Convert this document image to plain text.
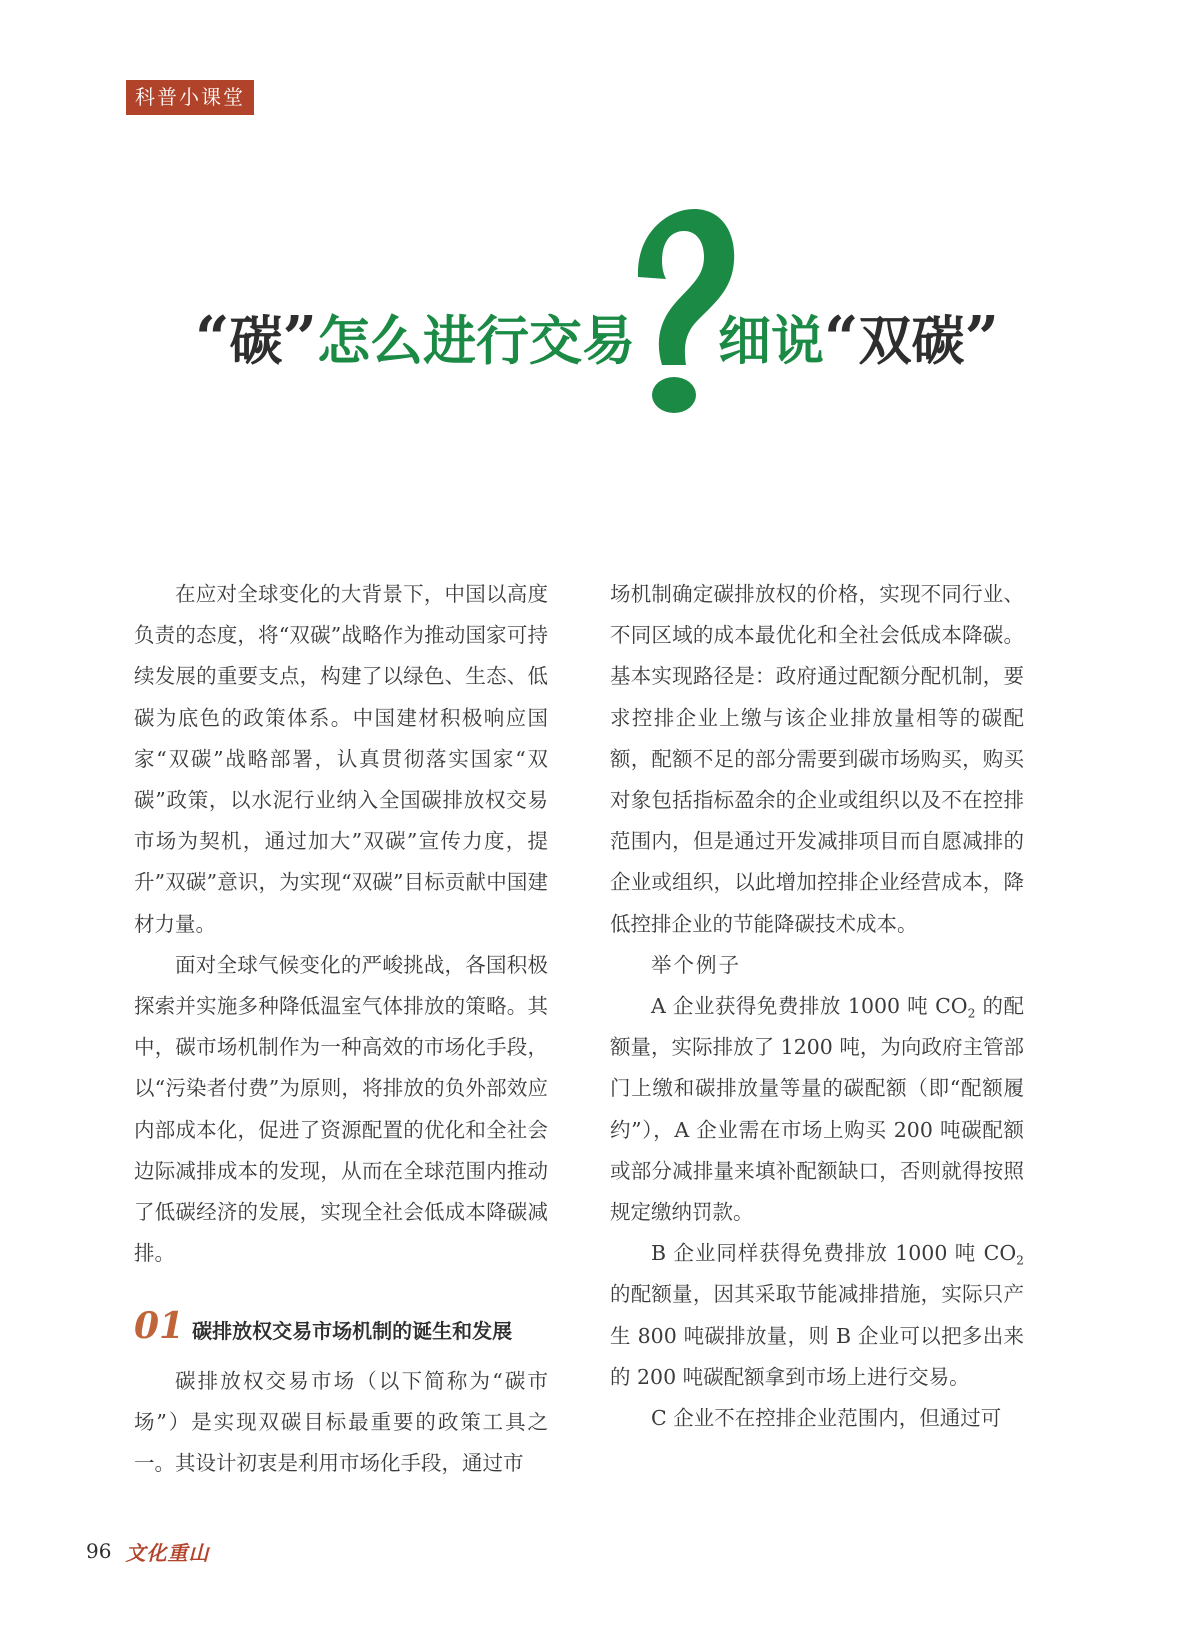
科普小课堂
“碳”怎么进行交易 细说“双碳”

在应对全球变化的大背景下，中国以高度负责的态度，将“双碳”战略作为推动国家可持续发展的重要支点，构建了以绿色、生态、低碳为底色的政策体系。中国建材积极响应国家“双碳”战略部署，认真贯彻落实国家“双碳”政策，以水泥行业纳入全国碳排放权交易市场为契机，通过加大”双碳”宣传力度，提升”双碳”意识，为实现“双碳”目标贡献中国建材力量。

面对全球气候变化的严峻挑战，各国积极探索并实施多种降低温室气体排放的策略。其中，碳市场机制作为一种高效的市场化手段，以“污染者付费”为原则，将排放的负外部效应内部成本化，促进了资源配置的优化和全社会边际减排成本的发现，从而在全球范围内推动了低碳经济的发展，实现全社会低成本降碳减排。

01 碳排放权交易市场机制的诞生和发展

碳排放权交易市场（以下简称为“碳市场”）是实现双碳目标最重要的政策工具之一。其设计初衷是利用市场化手段，通过市

场机制确定碳排放权的价格，实现不同行业、不同区域的成本最优化和全社会低成本降碳。基本实现路径是：政府通过配额分配机制，要求控排企业上缴与该企业排放量相等的碳配额，配额不足的部分需要到碳市场购买，购买对象包括指标盈余的企业或组织以及不在控排范围内，但是通过开发减排项目而自愿减排的企业或组织，以此增加控排企业经营成本，降低控排企业的节能降碳技术成本。

举个例子

A 企业获得免费排放 1000 吨 $CO_2$ 的配额量，实际排放了 1200 吨，为向政府主管部门上缴和碳排放量等量的碳配额（即“配额履约”），A 企业需在市场上购买 200 吨碳配额或部分减排量来填补配额缺口，否则就得按照规定缴纳罚款。

B 企业同样获得免费排放 1000 吨 $CO_2$的配额量，因其采取节能减排措施，实际只产生 800 吨碳排放量，则 B 企业可以把多出来的 200 吨碳配额拿到市场上进行交易。

C 企业不在控排企业范围内，但通过可

96 文化重山
